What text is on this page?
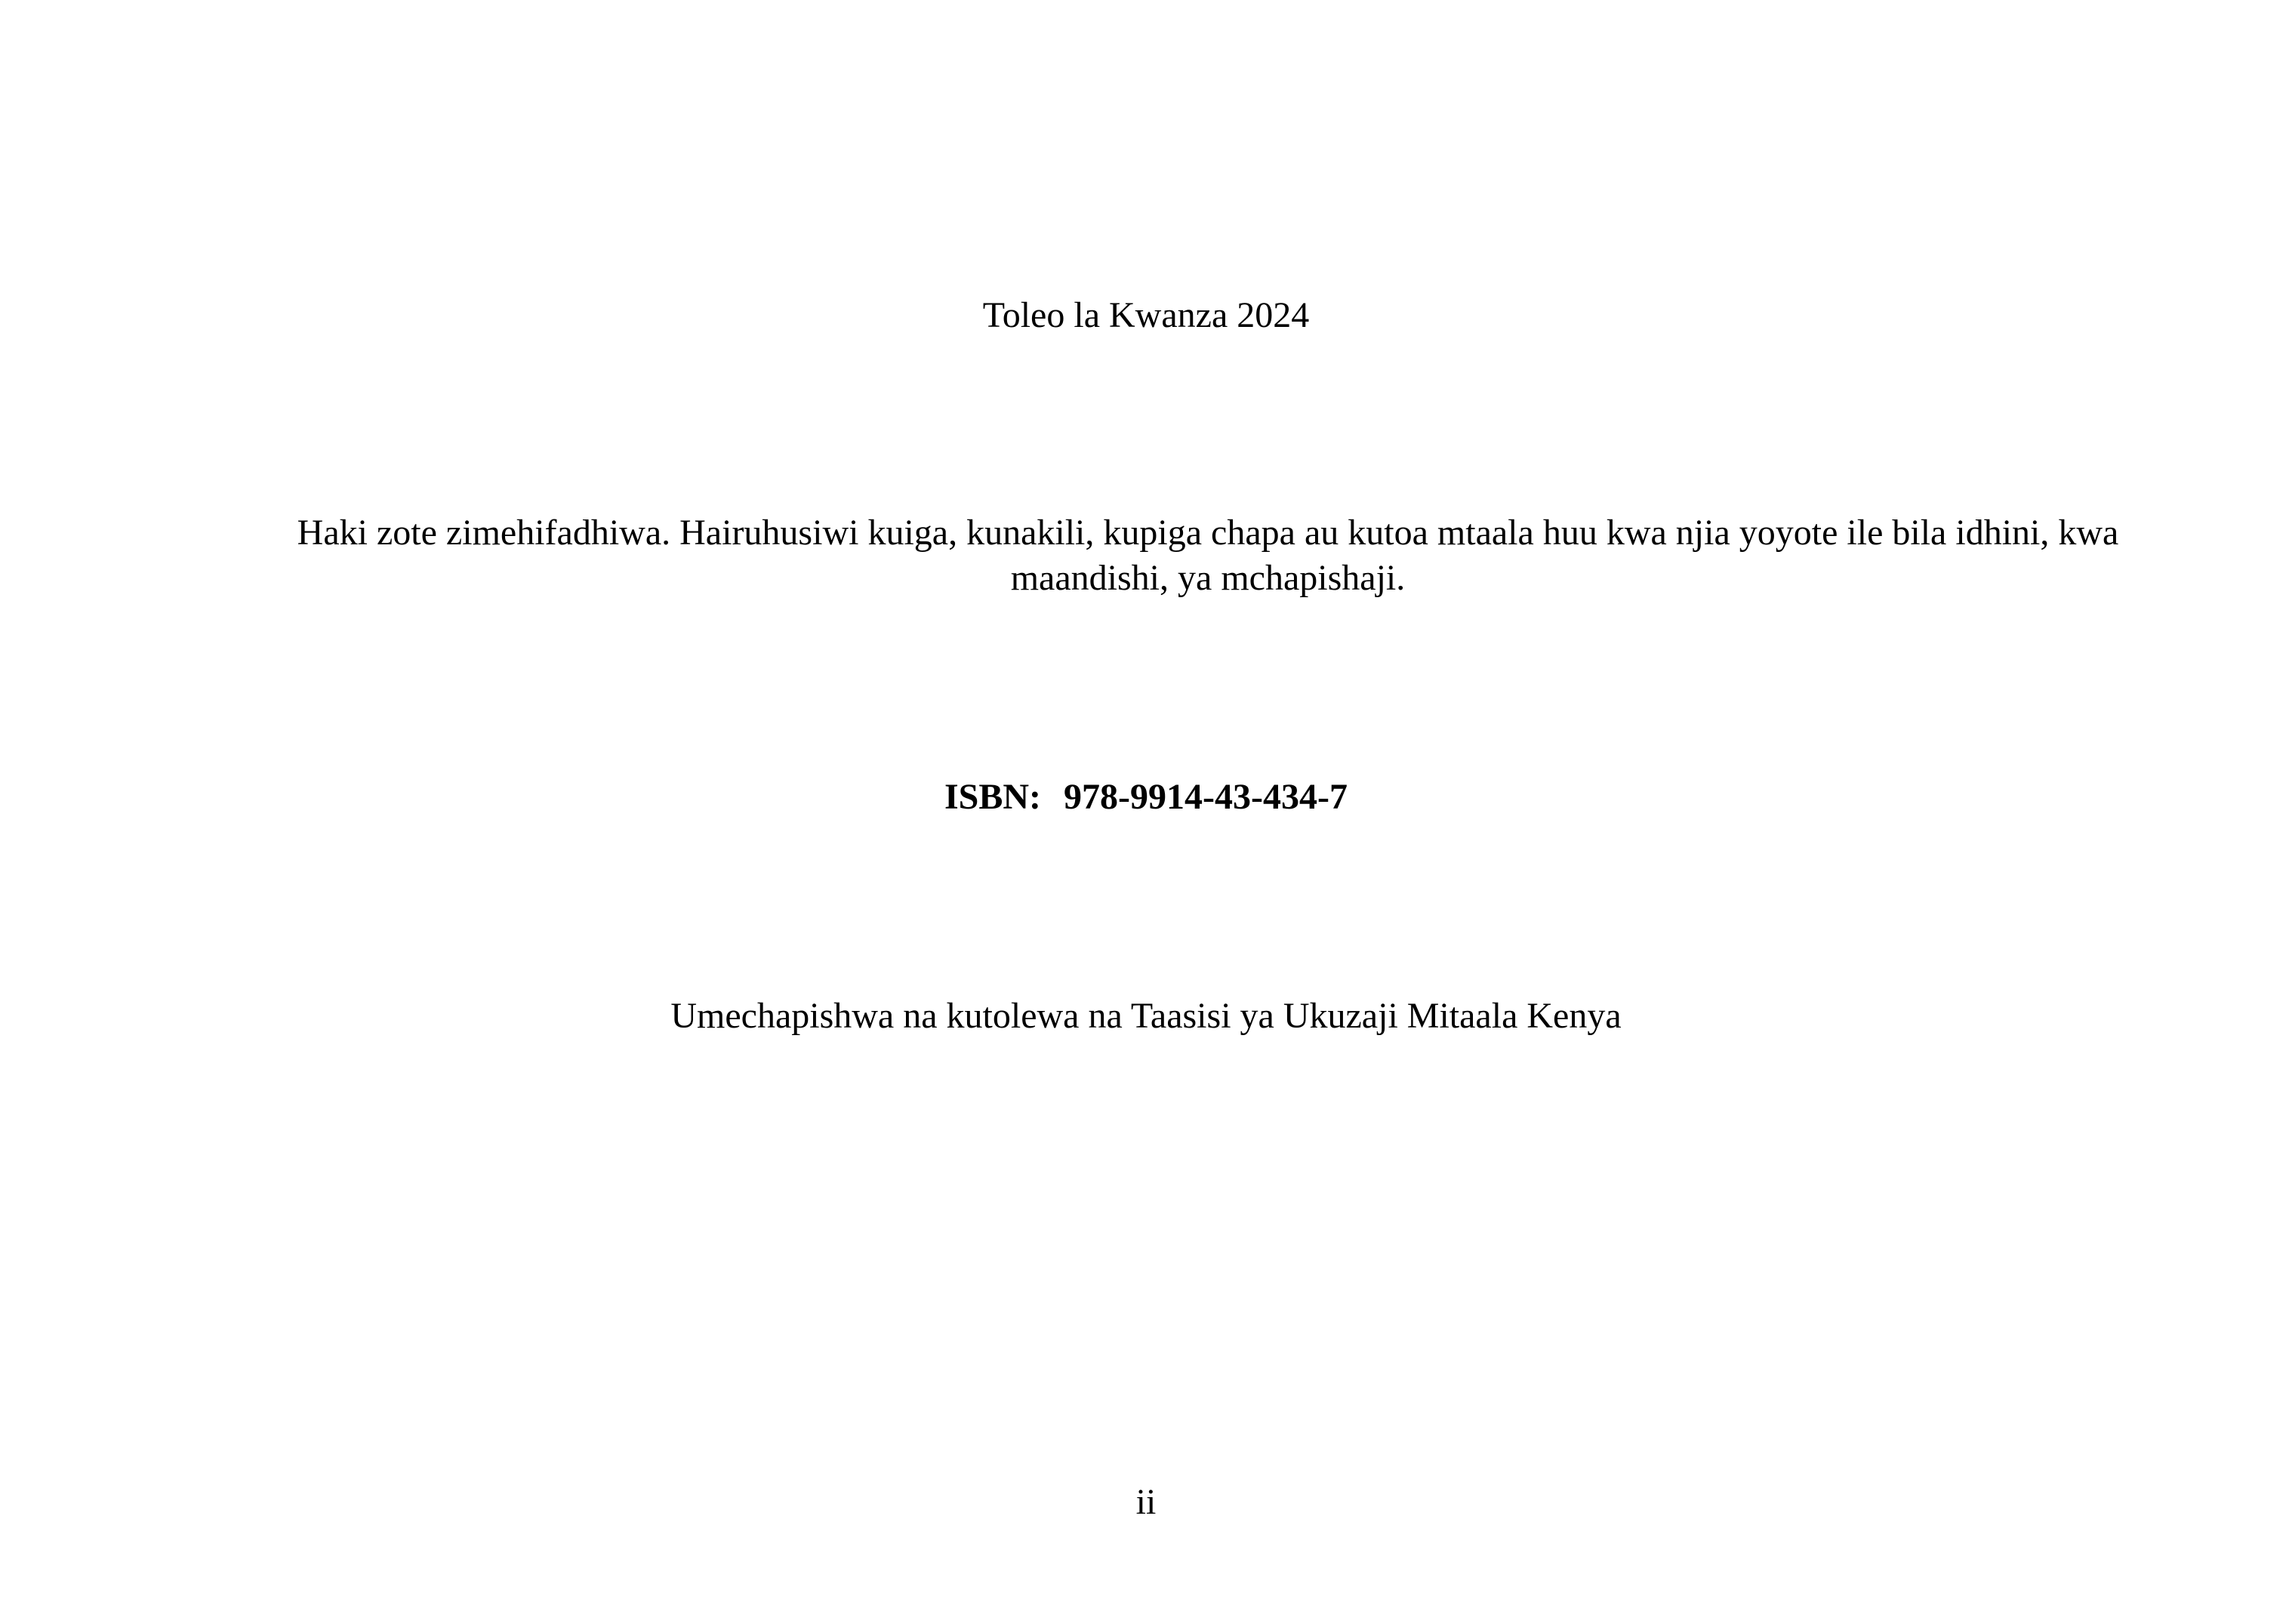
Toleo la Kwanza 2024
Haki zote zimehifadhiwa. Hairuhusiwi kuiga, kunakili, kupiga chapa au kutoa mtaala huu kwa njia yoyote ile bila idhini, kwa maandishi, ya mchapishaji.
ISBN: 978-9914-43-434-7
Umechapishwa na kutolewa na Taasisi ya Ukuzaji Mitaala Kenya
ii
